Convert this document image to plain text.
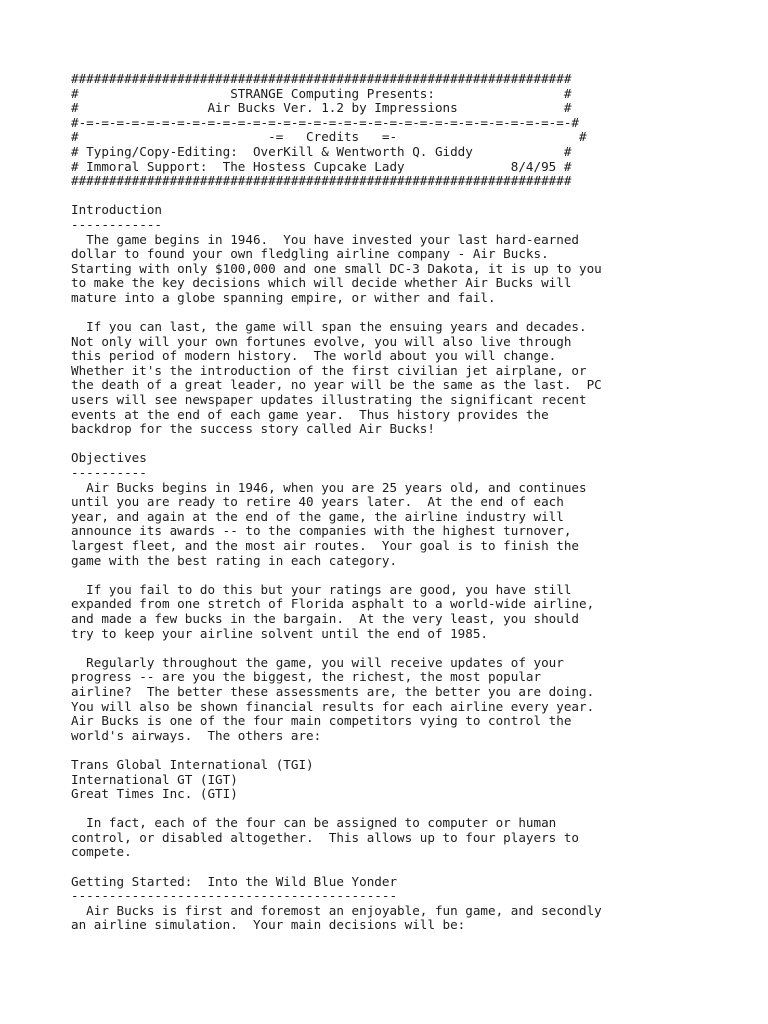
##################################################################
#                    STRANGE Computing Presents:                 #
#                 Air Bucks Ver. 1.2 by Impressions              #
#-=-=-=-=-=-=-=-=-=-=-=-=-=-=-=-=-=-=-=-=-=-=-=-=-=-=-=-=-=-=-=-=-#
#                         -=   Credits   =-                        #
# Typing/Copy-Editing:  OverKill & Wentworth Q. Giddy            #
# Immoral Support:  The Hostess Cupcake Lady              8/4/95 #
##################################################################
Introduction
------------
The game begins in 1946.  You have invested your last hard-earned
dollar to found your own fledgling airline company - Air Bucks.
Starting with only $100,000 and one small DC-3 Dakota, it is up to you
to make the key decisions which will decide whether Air Bucks will
mature into a globe spanning empire, or wither and fail.
If you can last, the game will span the ensuing years and decades.
Not only will your own fortunes evolve, you will also live through
this period of modern history.  The world about you will change.
Whether it's the introduction of the first civilian jet airplane, or
the death of a great leader, no year will be the same as the last.  PC
users will see newspaper updates illustrating the significant recent
events at the end of each game year.  Thus history provides the
backdrop for the success story called Air Bucks!
Objectives
----------
Air Bucks begins in 1946, when you are 25 years old, and continues
until you are ready to retire 40 years later.  At the end of each
year, and again at the end of the game, the airline industry will
announce its awards -- to the companies with the highest turnover,
largest fleet, and the most air routes.  Your goal is to finish the
game with the best rating in each category.
If you fail to do this but your ratings are good, you have still
expanded from one stretch of Florida asphalt to a world-wide airline,
and made a few bucks in the bargain.  At the very least, you should
try to keep your airline solvent until the end of 1985.
Regularly throughout the game, you will receive updates of your
progress -- are you the biggest, the richest, the most popular
airline?  The better these assessments are, the better you are doing.
You will also be shown financial results for each airline every year.
Air Bucks is one of the four main competitors vying to control the
world's airways.  The others are:
Trans Global International (TGI)
International GT (IGT)
Great Times Inc. (GTI)
In fact, each of the four can be assigned to computer or human
control, or disabled altogether.  This allows up to four players to
compete.
Getting Started:  Into the Wild Blue Yonder
-------------------------------------------
Air Bucks is first and foremost an enjoyable, fun game, and secondly
an airline simulation.  Your main decisions will be:
